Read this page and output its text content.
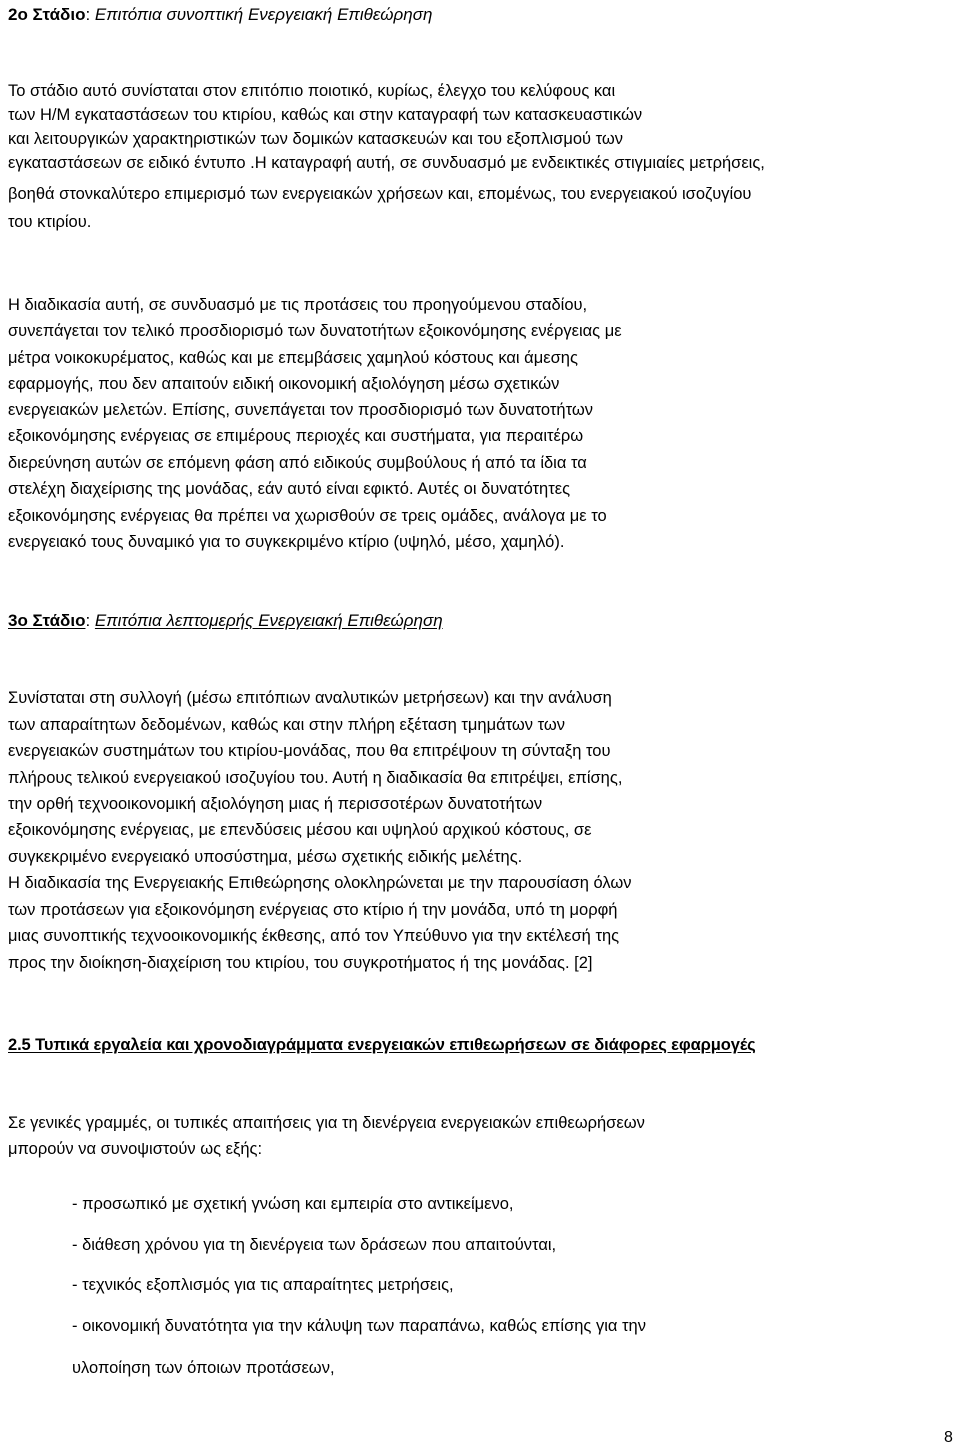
2ο Στάδιο: Επιτόπια συνοπτική Ενεργειακή Επιθεώρηση
Το στάδιο αυτό συνίσταται στον επιτόπιο ποιοτικό, κυρίως, έλεγχο του κελύφους και
των Η/Μ εγκαταστάσεων του κτιρίου, καθώς και στην καταγραφή των κατασκευαστικών
και λειτουργικών χαρακτηριστικών των δομικών κατασκευών και του εξοπλισμού των
εγκαταστάσεων σε ειδικό έντυπο .Η καταγραφή αυτή, σε συνδυασμό με ενδεικτικές στιγμιαίες μετρήσεις,
βοηθά στονκαλύτερο επιμερισμό των ενεργειακών χρήσεων και, επομένως, του ενεργειακού ισοζυγίου
του κτιρίου.
Η διαδικασία αυτή, σε συνδυασμό με τις προτάσεις του προηγούμενου σταδίου,
συνεπάγεται τον τελικό προσδιορισμό των δυνατοτήτων εξοικονόμησης ενέργειας με
μέτρα νοικοκυρέματος, καθώς και με επεμβάσεις χαμηλού κόστους και άμεσης
εφαρμογής, που δεν απαιτούν ειδική οικονομική αξιολόγηση μέσω σχετικών
ενεργειακών μελετών. Επίσης, συνεπάγεται τον προσδιορισμό των δυνατοτήτων
εξοικονόμησης ενέργειας σε επιμέρους περιοχές και συστήματα, για περαιτέρω
διερεύνηση αυτών σε επόμενη φάση από ειδικούς συμβούλους ή από τα ίδια τα
στελέχη διαχείρισης της μονάδας, εάν αυτό είναι εφικτό. Αυτές οι δυνατότητες
εξοικονόμησης ενέργειας θα πρέπει να χωρισθούν σε τρεις ομάδες, ανάλογα με το
ενεργειακό τους δυναμικό για το συγκεκριμένο κτίριο (υψηλό, μέσο, χαμηλό).
3ο Στάδιο: Επιτόπια λεπτομερής Ενεργειακή Επιθεώρηση
Συνίσταται στη συλλογή (μέσω επιτόπιων αναλυτικών μετρήσεων) και την ανάλυση
των απαραίτητων δεδομένων, καθώς και στην πλήρη εξέταση τμημάτων των
ενεργειακών συστημάτων του κτιρίου-μονάδας, που θα επιτρέψουν τη σύνταξη του
πλήρους τελικού ενεργειακού ισοζυγίου του. Αυτή η διαδικασία θα επιτρέψει, επίσης,
την ορθή τεχνοοικονομική αξιολόγηση μιας ή περισσοτέρων δυνατοτήτων
εξοικονόμησης ενέργειας, με επενδύσεις μέσου και υψηλού αρχικού κόστους, σε
συγκεκριμένο ενεργειακό υποσύστημα, μέσω σχετικής ειδικής μελέτης.
Η διαδικασία της Ενεργειακής Επιθεώρησης ολοκληρώνεται με την παρουσίαση όλων
των προτάσεων για εξοικονόμηση ενέργειας στο κτίριο ή την μονάδα, υπό τη μορφή
μιας συνοπτικής τεχνοοικονομικής έκθεσης, από τον Υπεύθυνο για την εκτέλεσή της
προς την διοίκηση-διαχείριση του κτιρίου, του συγκροτήματος ή της μονάδας. [2]
2.5 Τυπικά εργαλεία και χρονοδιαγράμματα ενεργειακών επιθεωρήσεων σε διάφορες εφαρμογές
Σε γενικές γραμμές, οι τυπικές απαιτήσεις για τη διενέργεια ενεργειακών επιθεωρήσεων
μπορούν να συνοψιστούν ως εξής:
- προσωπικό με σχετική γνώση και εμπειρία στο αντικείμενο,
- διάθεση χρόνου για τη διενέργεια των δράσεων που απαιτούνται,
- τεχνικός εξοπλισμός για τις απαραίτητες μετρήσεις,
- οικονομική δυνατότητα για την κάλυψη των παραπάνω, καθώς επίσης για την
υλοποίηση των όποιων προτάσεων,
8
